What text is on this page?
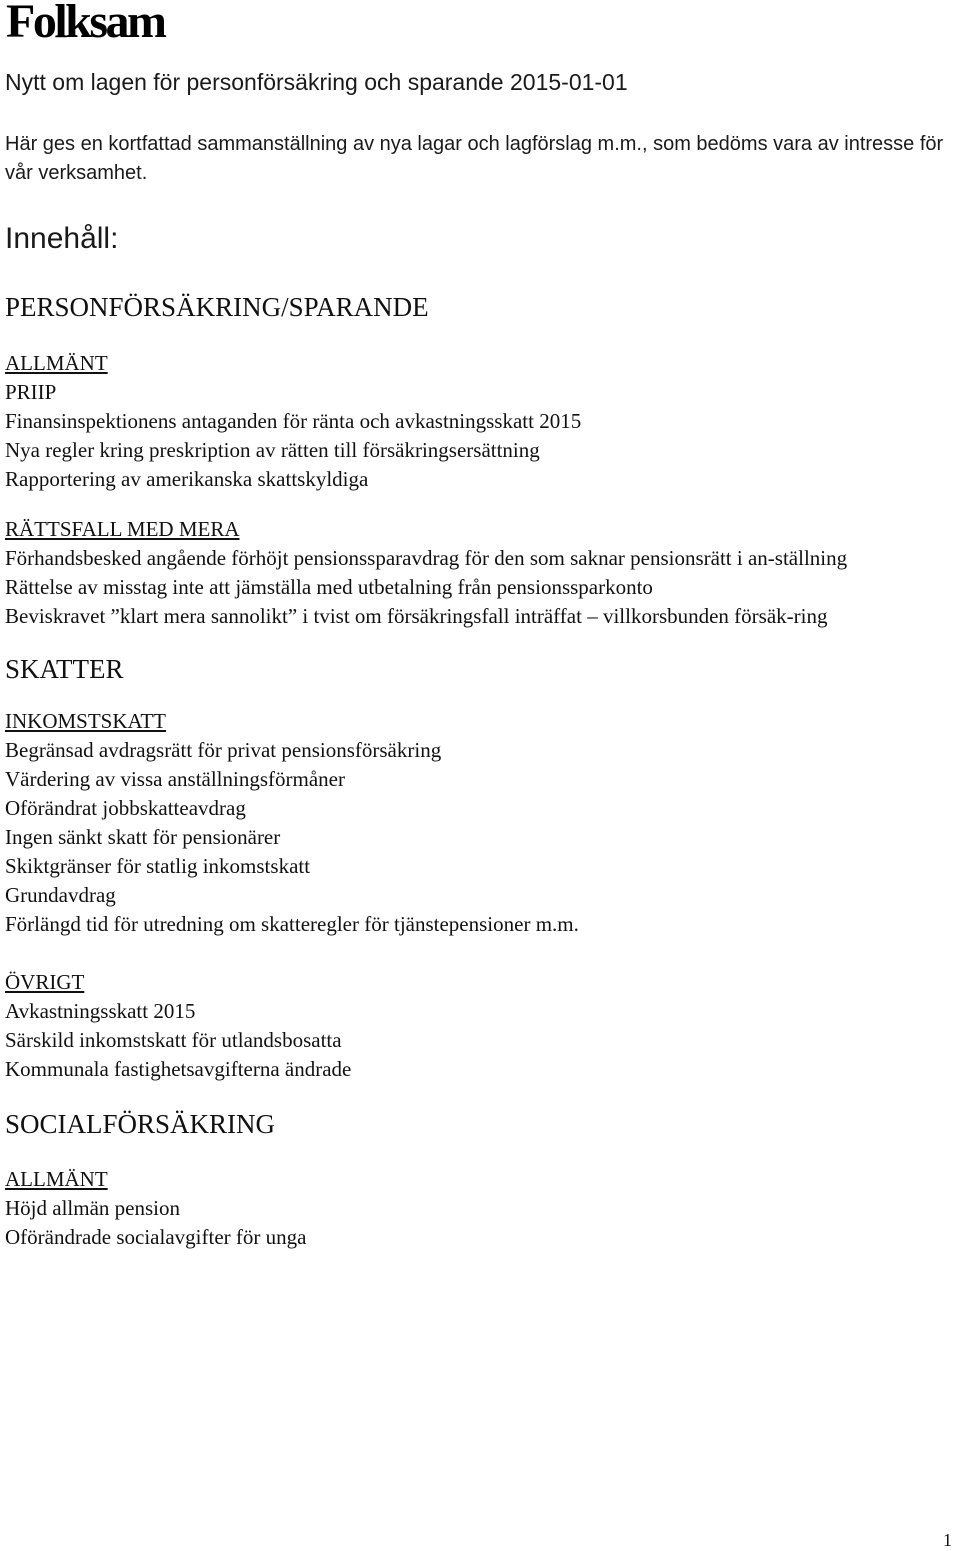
Folksam
Nytt om lagen för personförsäkring och sparande 2015-01-01
Här ges en kortfattad sammanställning av nya lagar och lagförslag m.m., som bedöms vara av intresse för vår verksamhet.
Innehåll:
PERSONFÖRSÄKRING/SPARANDE
ALLMÄNT
PRIIP
Finansinspektionens antaganden för ränta och avkastningsskatt 2015
Nya regler kring preskription av rätten till försäkringsersättning
Rapportering av amerikanska skattskyldiga
RÄTTSFALL MED MERA
Förhandsbesked angående förhöjt pensionssparavdrag för den som saknar pensionsrätt i an-ställning
Rättelse av misstag inte att jämställa med utbetalning från pensionssparkonto
Beviskravet ”klart mera sannolikt” i tvist om försäkringsfall inträffat – villkorsbunden försäk-ring
SKATTER
INKOMSTSKATT
Begränsad avdragsrätt för privat pensionsförsäkring
Värdering av vissa anställningsförmåner
Oförändrat jobbskatteavdrag
Ingen sänkt skatt för pensionärer
Skiktgränser för statlig inkomstskatt
Grundavdrag
Förlängd tid för utredning om skatteregler för tjänstepensioner m.m.
ÖVRIGT
Avkastningsskatt 2015
Särskild inkomstskatt för utlandsbosatta
Kommunala fastighetsavgifterna ändrade
SOCIALFÖRSÄKRING
ALLMÄNT
Höjd allmän pension
Oförändrade socialavgifter för unga
1
